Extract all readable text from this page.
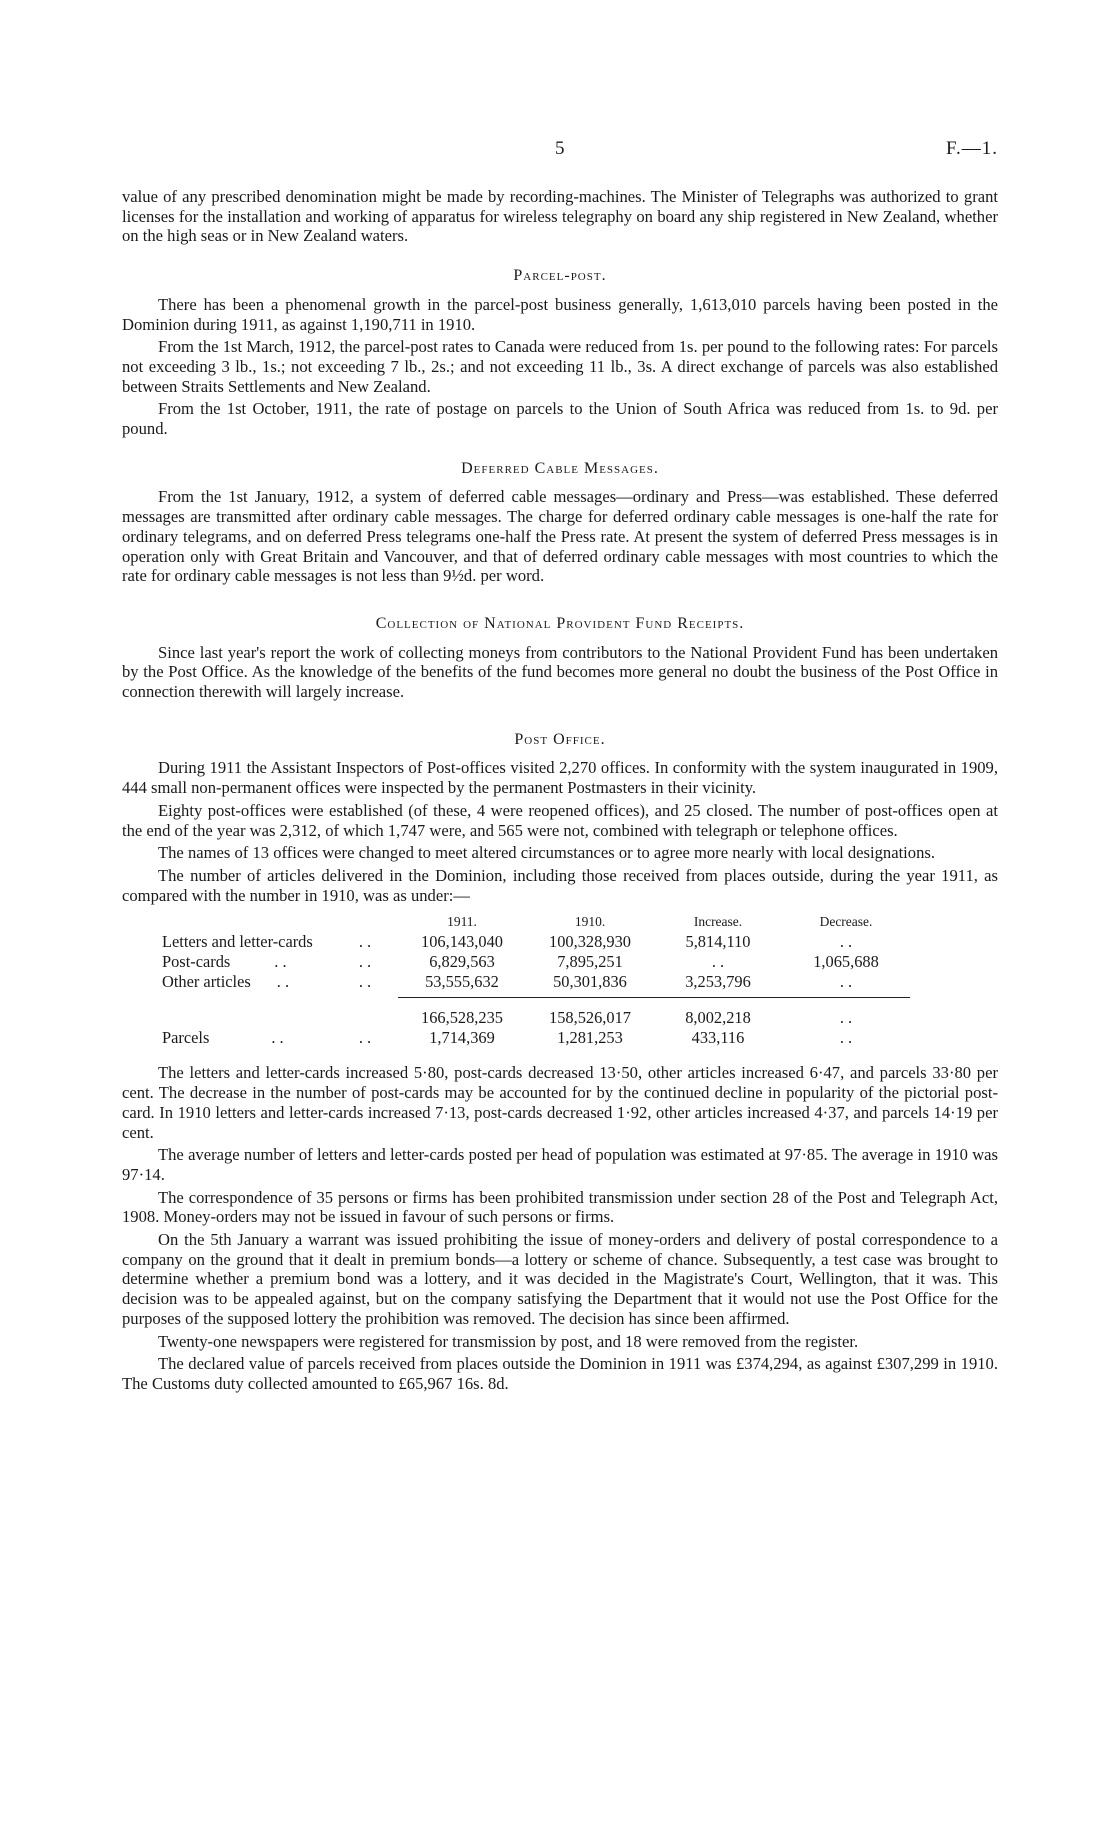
5	F.—1.

value of any prescribed denomination might be made by recording-machines. The Minister of Telegraphs was authorized to grant licenses for the installation and working of apparatus for wireless telegraphy on board any ship registered in New Zealand, whether on the high seas or in New Zealand waters.

Parcel-post.

There has been a phenomenal growth in the parcel-post business generally, 1,613,010 parcels having been posted in the Dominion during 1911, as against 1,190,711 in 1910.

From the 1st March, 1912, the parcel-post rates to Canada were reduced from 1s. per pound to the following rates: For parcels not exceeding 3 lb., 1s.; not exceeding 7 lb., 2s.; and not exceeding 11 lb., 3s. A direct exchange of parcels was also established between Straits Settlements and New Zealand.

From the 1st October, 1911, the rate of postage on parcels to the Union of South Africa was reduced from 1s. to 9d. per pound.

Deferred Cable Messages.

From the 1st January, 1912, a system of deferred cable messages—ordinary and Press—was established. These deferred messages are transmitted after ordinary cable messages. The charge for deferred ordinary cable messages is one-half the rate for ordinary telegrams, and on deferred Press telegrams one-half the Press rate. At present the system of deferred Press messages is in operation only with Great Britain and Vancouver, and that of deferred ordinary cable messages with most countries to which the rate for ordinary cable messages is not less than 9½d. per word.

Collection of National Provident Fund Receipts.

Since last year's report the work of collecting moneys from contributors to the National Provident Fund has been undertaken by the Post Office. As the knowledge of the benefits of the fund becomes more general no doubt the business of the Post Office in connection therewith will largely increase.

Post Office.

During 1911 the Assistant Inspectors of Post-offices visited 2,270 offices. In conformity with the system inaugurated in 1909, 444 small non-permanent offices were inspected by the permanent Postmasters in their vicinity.

Eighty post-offices were established (of these, 4 were reopened offices), and 25 closed. The number of post-offices open at the end of the year was 2,312, of which 1,747 were, and 565 were not, combined with telegraph or telephone offices.

The names of 13 offices were changed to meet altered circumstances or to agree more nearly with local designations.

The number of articles delivered in the Dominion, including those received from places outside, during the year 1911, as compared with the number in 1910, was as under:—

		1911.	1910.	Increase.	Decrease.
Letters and letter-cards	. .	106,143,040	100,328,930	5,814,110	. .
Post-cards . .	. .	6,829,563	7,895,251	. .	1,065,688
Other articles . .	. .	53,555,632	50,301,836	3,253,796	. .

		166,528,235	158,526,017	8,002,218	. .
Parcels . .	. .	1,714,369	1,281,253	433,116	. .

The letters and letter-cards increased 5·80, post-cards decreased 13·50, other articles increased 6·47, and parcels 33·80 per cent. The decrease in the number of post-cards may be accounted for by the continued decline in popularity of the pictorial post-card. In 1910 letters and letter-cards increased 7·13, post-cards decreased 1·92, other articles increased 4·37, and parcels 14·19 per cent.

The average number of letters and letter-cards posted per head of population was estimated at 97·85. The average in 1910 was 97·14.

The correspondence of 35 persons or firms has been prohibited transmission under section 28 of the Post and Telegraph Act, 1908. Money-orders may not be issued in favour of such persons or firms.

On the 5th January a warrant was issued prohibiting the issue of money-orders and delivery of postal correspondence to a company on the ground that it dealt in premium bonds—a lottery or scheme of chance. Subsequently, a test case was brought to determine whether a premium bond was a lottery, and it was decided in the Magistrate's Court, Wellington, that it was. This decision was to be appealed against, but on the company satisfying the Department that it would not use the Post Office for the purposes of the supposed lottery the prohibition was removed. The decision has since been affirmed.

Twenty-one newspapers were registered for transmission by post, and 18 were removed from the register.

The declared value of parcels received from places outside the Dominion in 1911 was £374,294, as against £307,299 in 1910. The Customs duty collected amounted to £65,967 16s. 8d.
